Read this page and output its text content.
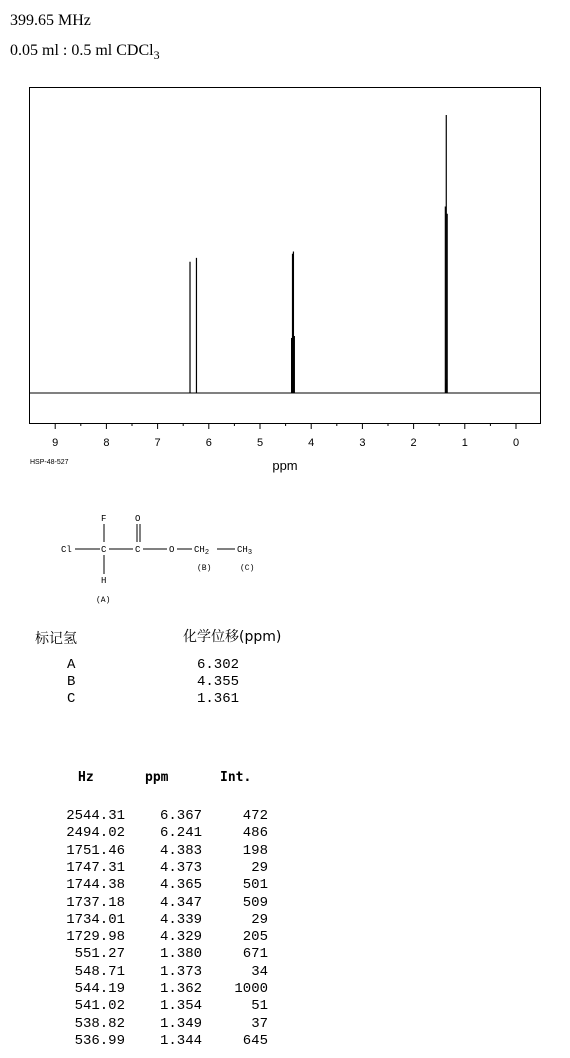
399.65 MHz
0.05 ml : 0.5 ml CDCl$_3$
9	8	7	6	5	4	3	2	1	0
ppm
HSP-48-527
F	O
Cl	C	C	O $CH_2$	$CH_3$
H
(B)	(C)
(A)
标记氢	化学位移(ppm)
A	6.302
B	4.355
C	1.361
Hz	ppm	Int.
2544.31	6.367	472
2494.02	6.241	486
1751.46	4.383	198
1747.31	4.373	29
1744.38	4.365	501
1737.18	4.347	509
1734.01	4.339	29
1729.98	4.329	205
551.27	1.380	671
548.71	1.373	34
544.19	1.362	1000
541.02	1.354	51
538.82	1.349	37
536.99	1.344	645
